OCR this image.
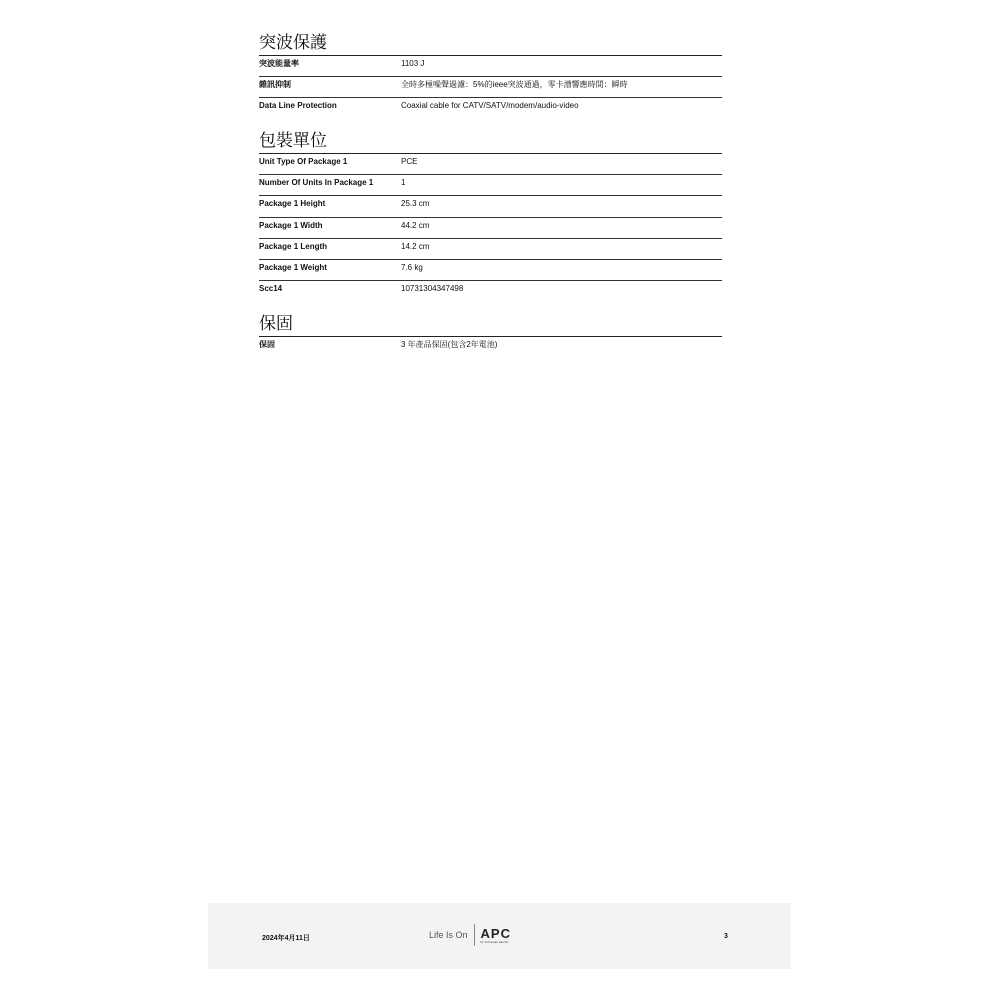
突波保護
突波能量率	1103 J
雜訊抑制	全時多極噪聲過濾：5%的ieee突波通過，零卡漕響應時間：瞬時
Data Line Protection	Coaxial cable for CATV/SATV/modem/audio-video
包裝單位
Unit Type Of Package 1	PCE
Number Of Units In Package 1	1
Package 1 Height	25.3 cm
Package 1 Width	44.2 cm
Package 1 Length	14.2 cm
Package 1 Weight	7.6 kg
Scc14	10731304347498
保固
保固	3 年產品保固(包含2年電池)
2024年4月11日	Life Is On APC
by Schneider Electric
3
